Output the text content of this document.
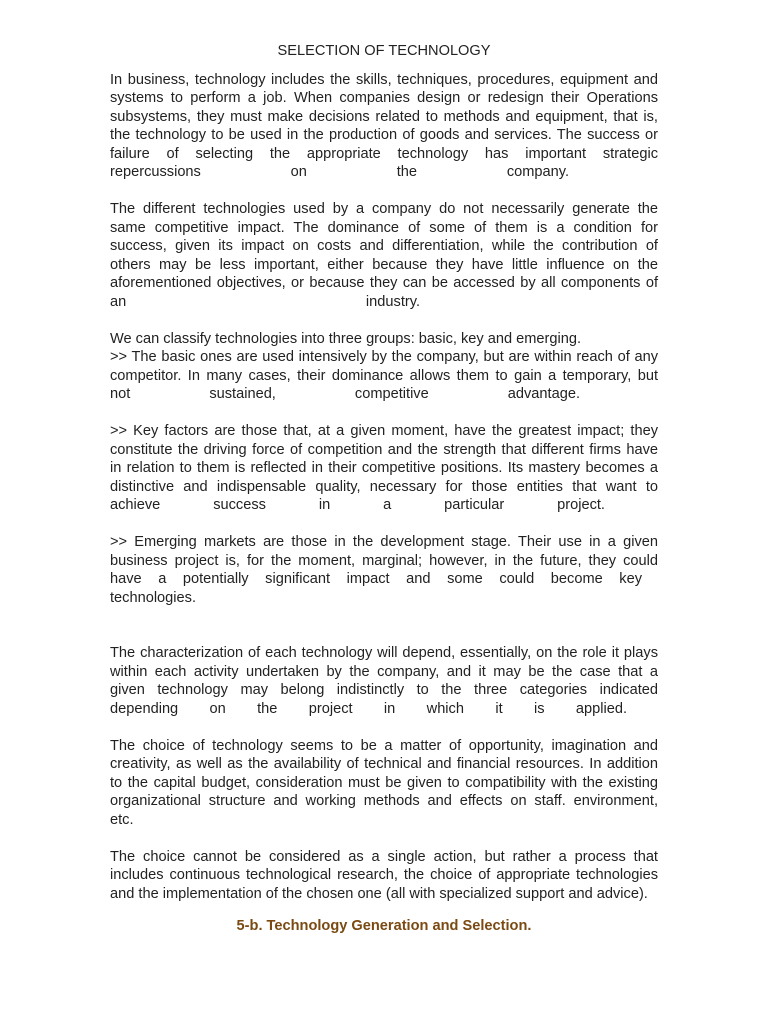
SELECTION OF TECHNOLOGY
In business, technology includes the skills, techniques, procedures, equipment and
systems to perform a job. When companies design or redesign their Operations
subsystems, they must make decisions related to methods and equipment, that is,
the technology to be used in the production of goods and services. The success or
failure of selecting the appropriate technology has important strategic
repercussions on the company.
The different technologies used by a company do not necessarily generate the
same competitive impact. The dominance of some of them is a condition for
success, given its impact on costs and differentiation, while the contribution of
others may be less important, either because they have little influence on the
aforementioned objectives, or because they can be accessed by all components of
an industry.
We can classify technologies into three groups: basic, key and emerging.
>> The basic ones are used intensively by the company, but are within reach of any
competitor. In many cases, their dominance allows them to gain a temporary, but
not sustained, competitive advantage.
>> Key factors are those that, at a given moment, have the greatest impact; they
constitute the driving force of competition and the strength that different firms have
in relation to them is reflected in their competitive positions. Its mastery becomes a
distinctive and indispensable quality, necessary for those entities that want to
achieve success in a particular project.
>> Emerging markets are those in the development stage. Their use in a given
business project is, for the moment, marginal; however, in the future, they could
have a potentially significant impact and some could become key
technologies.
The characterization of each technology will depend, essentially, on the role it plays
within each activity undertaken by the company, and it may be the case that a
given technology may belong indistinctly to the three categories indicated
depending on the project in which it is applied.
The choice of technology seems to be a matter of opportunity, imagination and
creativity, as well as the availability of technical and financial resources. In addition
to the capital budget, consideration must be given to compatibility with the existing
organizational structure and working methods and effects on staff. environment,
etc.
The choice cannot be considered as a single action, but rather a process that
includes continuous technological research, the choice of appropriate technologies
and the implementation of the chosen one (all with specialized support and advice).
5-b. Technology Generation and Selection.
